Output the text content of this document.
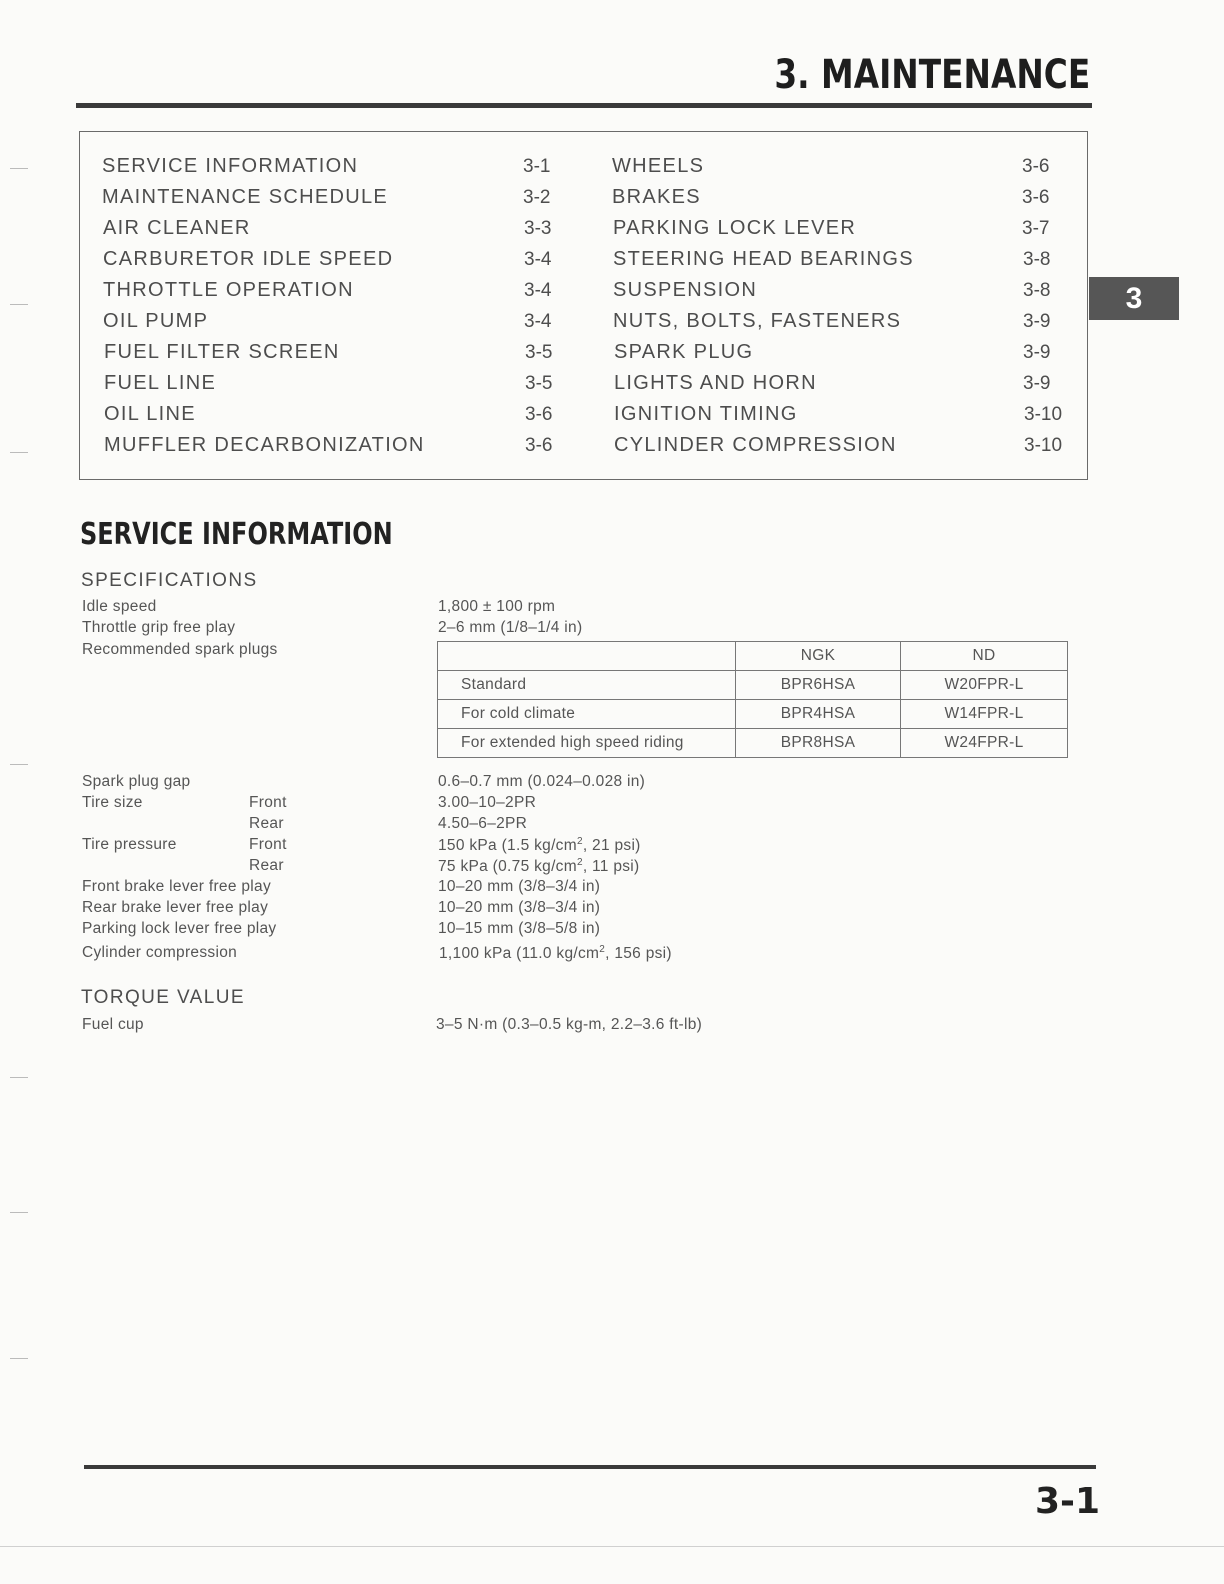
3. MAINTENANCE
3
SERVICE INFORMATION	3-1
MAINTENANCE SCHEDULE	3-2
AIR CLEANER	3-3
CARBURETOR IDLE SPEED	3-4
THROTTLE OPERATION	3-4
OIL PUMP	3-4
FUEL FILTER SCREEN	3-5
FUEL LINE	3-5
OIL LINE	3-6
MUFFLER DECARBONIZATION	3-6
WHEELS	3-6
BRAKES	3-6
PARKING LOCK LEVER	3-7
STEERING HEAD BEARINGS	3-8
SUSPENSION	3-8
NUTS, BOLTS, FASTENERS	3-9
SPARK PLUG	3-9
LIGHTS AND HORN	3-9
IGNITION TIMING	3-10
CYLINDER COMPRESSION	3-10
SERVICE INFORMATION
SPECIFICATIONS
Idle speed	1,800 ± 100 rpm
Throttle grip free play	2–6 mm (1/8–1/4 in)
Recommended spark plugs
		NGK	ND
Standard	BPR6HSA	W20FPR-L
For cold climate	BPR4HSA	W14FPR-L
For extended high speed riding	BPR8HSA	W24FPR-L
Spark plug gap	0.6–0.7 mm (0.024–0.028 in)
Tire size	Front	3.00–10–2PR
Rear	4.50–6–2PR
Tire pressure	Front	150 kPa (1.5 $kg/cm^2$, 21 psi)
Rear	75 kPa (0.75 $kg/cm^2$, 11 psi)
Front brake lever free play	10–20 mm (3/8–3/4 in)
Rear brake lever free play	10–20 mm (3/8–3/4 in)
Parking lock lever free play	10–15 mm (3/8–5/8 in)
Cylinder compression	1,100 kPa (11.0 $kg/cm^2$, 156 psi)
TORQUE VALUE
Fuel cup	3–5 N·m (0.3–0.5 kg-m, 2.2–3.6 ft-lb)
3-1
